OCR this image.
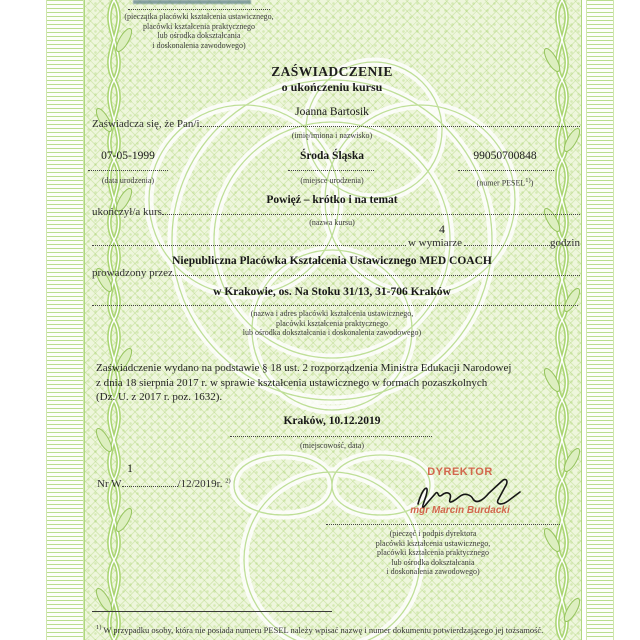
(pieczątka placówki kształcenia ustawicznego,
placówki kształcenia praktycznego
lub ośrodka dokształcania
i doskonalenia zawodowego)
ZAŚWIADCZENIE
o ukończeniu kursu
Joanna Bartosik
Zaświadcza się, że Pan/i
(imię/imiona i nazwisko)
07-05-1999	Środa Śląska	99050700848
(data urodzenia)	(miejsce urodzenia)	(numer PESEL$^{1)}$)
Powięź – krótko i na temat
ukończył/a kurs
(nazwa kursu)
4
w wymiarze	godzin
Niepubliczna Placówka Kształcenia Ustawicznego MED COACH
prowadzony przez
w Krakowie, os. Na Stoku 31/13, 31-706 Kraków
(nazwa i adres placówki kształcenia ustawicznego,
placówki kształcenia praktycznego
lub ośrodka dokształcania i doskonalenia zawodowego)
Zaświadczenie wydano na podstawie § 18 ust. 2 rozporządzenia Ministra Edukacji Narodowej
z dnia 18 sierpnia 2017 r. w sprawie kształcenia ustawicznego w formach pozaszkolnych
(Dz. U. z 2017 r. poz. 1632).
Kraków, 10.12.2019
(miejscowość, data)
1
Nr W	/12/2019r. $^{2)}$
DYREKTOR
mgr Marcin Burdacki
(pieczęć i podpis dyrektora
placówki kształcenia ustawicznego,
placówki kształcenia praktycznego
lub ośrodka dokształcania
i doskonalenia zawodowego)
$^{1)}$ W przypadku osoby, która nie posiada numeru PESEL należy wpisać nazwę i numer dokumentu potwierdzającego jej tożsamość.
